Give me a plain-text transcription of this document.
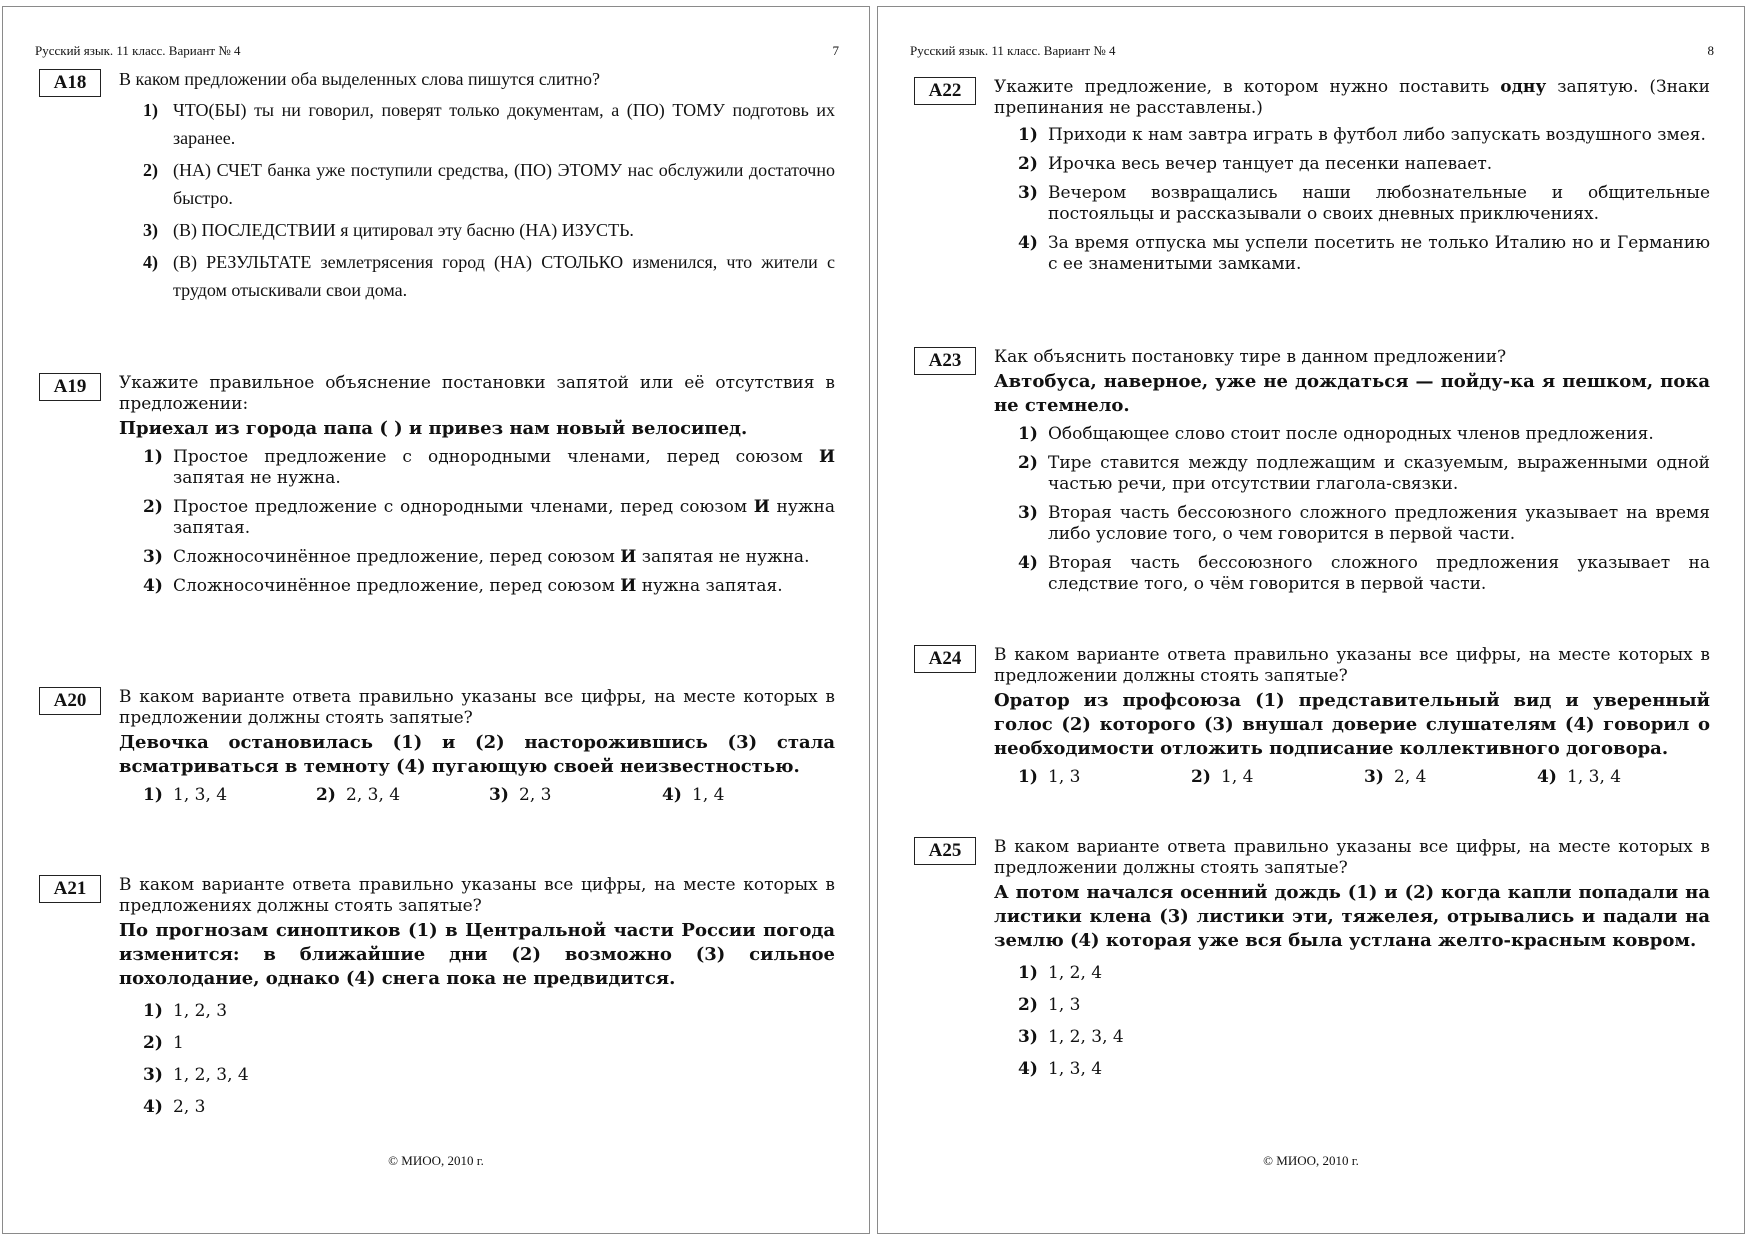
Русский язык. 11 класс. Вариант № 4	7
А18	В каком предложении оба выделенных слова пишутся слитно?

1) ЧТО(БЫ) ты ни говорил, поверят только документам, а (ПО) ТОМУ подготовь их заранее.
2) (НА) СЧЕТ банка уже поступили средства, (ПО) ЭТОМУ нас обслужили достаточно быстро.
3) (В) ПОСЛЕДСТВИИ я цитировал эту басню (НА) ИЗУСТЬ.
4) (В) РЕЗУЛЬТАТЕ землетрясения город (НА) СТОЛЬКО изменился, что жители с трудом отыскивали свои дома.
А19	Укажите правильное объяснение постановки запятой или её отсутствия в предложении:

Приехал из города папа ( ) и привез нам новый велосипед.

1) Простое предложение с однородными членами, перед союзом И запятая не нужна.
2) Простое предложение с однородными членами, перед союзом И нужна запятая.
3) Сложносочинённое предложение, перед союзом И запятая не нужна.
4) Сложносочинённое предложение, перед союзом И нужна запятая.
А20	В каком варианте ответа правильно указаны все цифры, на месте которых в предложении должны стоять запятые?

Девочка остановилась (1) и (2) насторожившись (3) стала всматриваться в темноту (4) пугающую своей неизвестностью.

1) 1, 3, 4	2) 2, 3, 4	3) 2, 3	4) 1, 4
А21	В каком варианте ответа правильно указаны все цифры, на месте которых в предложениях должны стоять запятые?

По прогнозам синоптиков (1) в Центральной части России погода изменится: в ближайшие дни (2) возможно (3) сильное похолодание, однако (4) снега пока не предвидится.

1) 1, 2, 3
2) 1
3) 1, 2, 3, 4
4) 2, 3
© МИОО, 2010 г.
Русский язык. 11 класс. Вариант № 4	8
А22	Укажите предложение, в котором нужно поставить одну запятую. (Знаки препинания не расставлены.)

1) Приходи к нам завтра играть в футбол либо запускать воздушного змея.
2) Ирочка весь вечер танцует да песенки напевает.
3) Вечером возвращались наши любознательные и общительные постояльцы и рассказывали о своих дневных приключениях.
4) За время отпуска мы успели посетить не только Италию но и Германию с ее знаменитыми замками.
А23	Как объяснить постановку тире в данном предложении?

Автобуса, наверное, уже не дождаться — пойду-ка я пешком, пока не стемнело.

1) Обобщающее слово стоит после однородных членов предложения.
2) Тире ставится между подлежащим и сказуемым, выраженными одной частью речи, при отсутствии глагола-связки.
3) Вторая часть бессоюзного сложного предложения указывает на время либо условие того, о чем говорится в первой части.
4) Вторая часть бессоюзного сложного предложения указывает на следствие того, о чём говорится в первой части.
А24	В каком варианте ответа правильно указаны все цифры, на месте которых в предложении должны стоять запятые?

Оратор из профсоюза (1) представительный вид и уверенный голос (2) которого (3) внушал доверие слушателям (4) говорил о необходимости отложить подписание коллективного договора.

1) 1, 3	2) 1, 4	3) 2, 4	4) 1, 3, 4
А25	В каком варианте ответа правильно указаны все цифры, на месте которых в предложении должны стоять запятые?

А потом начался осенний дождь (1) и (2) когда капли попадали на листики клена (3) листики эти, тяжелея, отрывались и падали на землю (4) которая уже вся была устлана желто-красным ковром.

1) 1, 2, 4
2) 1, 3
3) 1, 2, 3, 4
4) 1, 3, 4
© МИОО, 2010 г.
